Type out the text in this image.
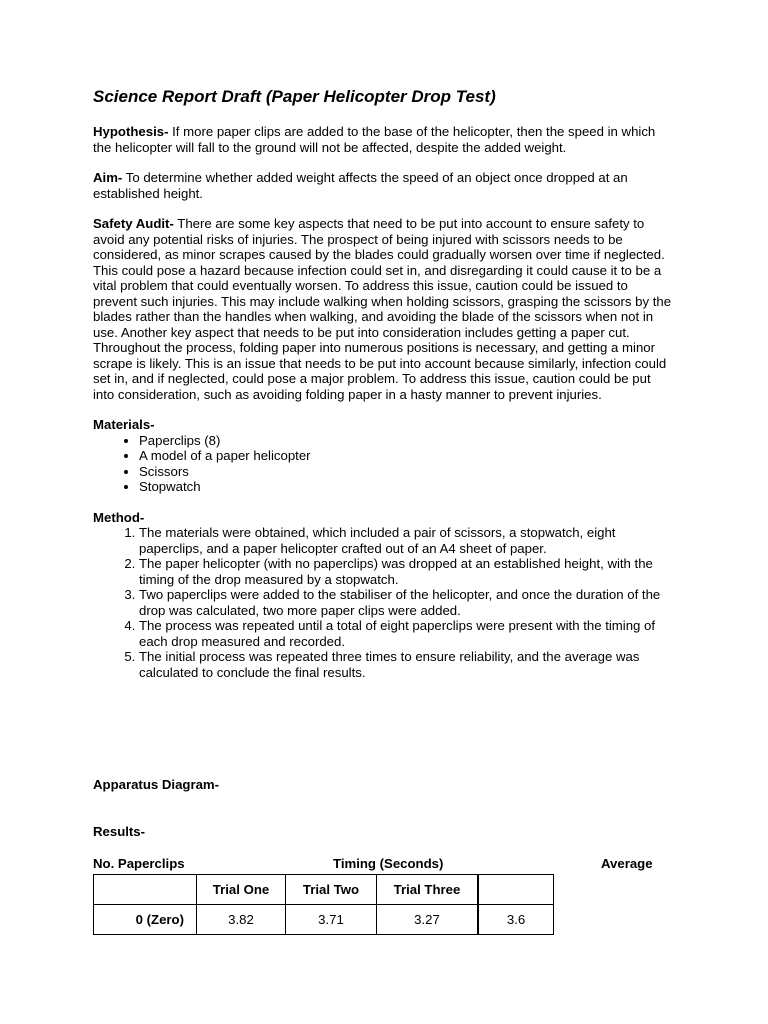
Science Report Draft (Paper Helicopter Drop Test)

Hypothesis- If more paper clips are added to the base of the helicopter, then the speed in which the helicopter will fall to the ground will not be affected, despite the added weight.

Aim- To determine whether added weight affects the speed of an object once dropped at an established height.

Safety Audit- There are some key aspects that need to be put into account to ensure safety to avoid any potential risks of injuries. The prospect of being injured with scissors needs to be considered, as minor scrapes caused by the blades could gradually worsen over time if neglected. This could pose a hazard because infection could set in, and disregarding it could cause it to be a vital problem that could eventually worsen. To address this issue, caution could be issued to prevent such injuries. This may include walking when holding scissors, grasping the scissors by the blades rather than the handles when walking, and avoiding the blade of the scissors when not in use. Another key aspect that needs to be put into consideration includes getting a paper cut. Throughout the process, folding paper into numerous positions is necessary, and getting a minor scrape is likely. This is an issue that needs to be put into account because similarly, infection could set in, and if neglected, could pose a major problem. To address this issue, caution could be put into consideration, such as avoiding folding paper in a hasty manner to prevent injuries.

Materials-
• Paperclips (8)
• A model of a paper helicopter
• Scissors
• Stopwatch
Method-
1. The materials were obtained, which included a pair of scissors, a stopwatch, eight paperclips, and a paper helicopter crafted out of an A4 sheet of paper.
2. The paper helicopter (with no paperclips) was dropped at an established height, with the timing of the drop measured by a stopwatch.
3. Two paperclips were added to the stabiliser of the helicopter, and once the duration of the drop was calculated, two more paper clips were added.
4. The process was repeated until a total of eight paperclips were present with the timing of each drop measured and recorded.
5. The initial process was repeated three times to ensure reliability, and the average was calculated to conclude the final results.
Apparatus Diagram-
Results-
No. Paperclips	Timing (Seconds)	Average
	Trial One	Trial Two	Trial Three	
0 (Zero)	3.82	3.71	3.27	3.6
